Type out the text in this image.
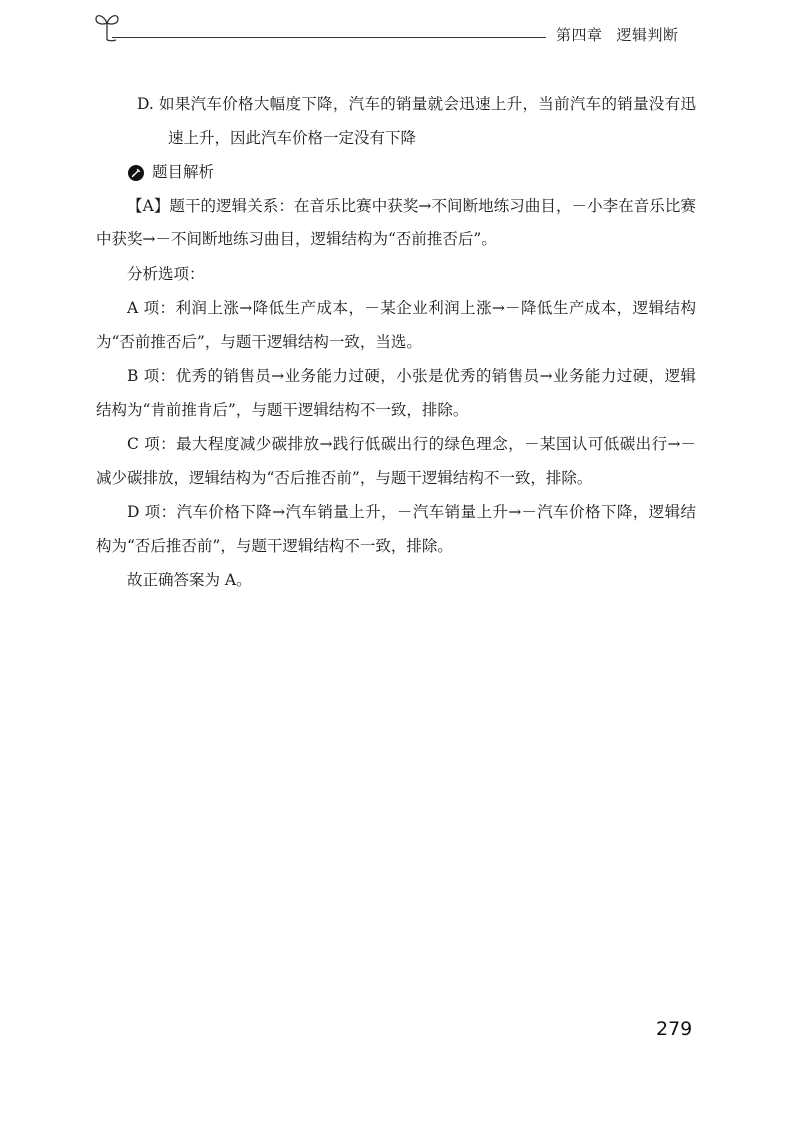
第四章 逻辑判断

D. 如果汽车价格大幅度下降，汽车的销量就会迅速上升，当前汽车的销量没有迅速上升，因此汽车价格一定没有下降

题目解析

【A】题干的逻辑关系：在音乐比赛中获奖→不间断地练习曲目，－小李在音乐比赛中获奖→－不间断地练习曲目，逻辑结构为“否前推否后”。

分析选项：

A 项：利润上涨→降低生产成本，－某企业利润上涨→－降低生产成本，逻辑结构为“否前推否后”，与题干逻辑结构一致，当选。

B 项：优秀的销售员→业务能力过硬，小张是优秀的销售员→业务能力过硬，逻辑结构为“肯前推肯后”，与题干逻辑结构不一致，排除。

C 项：最大程度减少碳排放→践行低碳出行的绿色理念，－某国认可低碳出行→－减少碳排放，逻辑结构为“否后推否前”，与题干逻辑结构不一致，排除。

D 项：汽车价格下降→汽车销量上升，－汽车销量上升→－汽车价格下降，逻辑结构为“否后推否前”，与题干逻辑结构不一致，排除。

故正确答案为 A。

279
